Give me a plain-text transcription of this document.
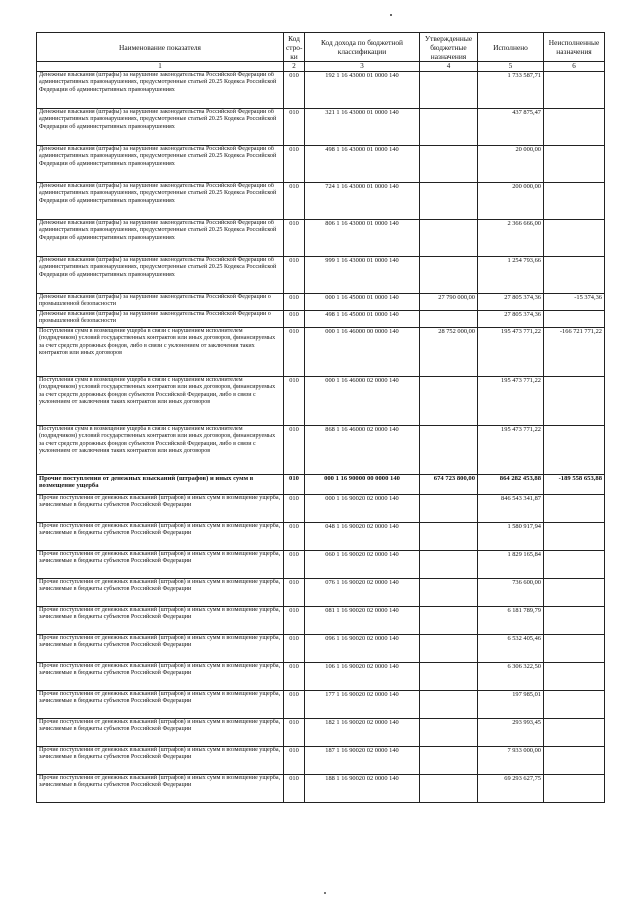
Наименование показателя	Код стро-ки	Код дохода по бюджетной классификации	Утвержденные бюджетные назначения	Исполнено	Неисполненные назначения
1	2	3	4	5	6
Денежные взыскания (штрафы) за нарушение законодательства Российской Федерации об административных правонарушениях, предусмотренные статьей 20.25 Кодекса Российской Федерации об административных правонарушениях	010	192 1 16 43000 01 0000 140		1 733 587,71	
Денежные взыскания (штрафы) за нарушение законодательства Российской Федерации об административных правонарушениях, предусмотренные статьей 20.25 Кодекса Российской Федерации об административных правонарушениях	010	321 1 16 43000 01 0000 140		437 875,47	
Денежные взыскания (штрафы) за нарушение законодательства Российской Федерации об административных правонарушениях, предусмотренные статьей 20.25 Кодекса Российской Федерации об административных правонарушениях	010	498 1 16 43000 01 0000 140		20 000,00	
Денежные взыскания (штрафы) за нарушение законодательства Российской Федерации об административных правонарушениях, предусмотренные статьей 20.25 Кодекса Российской Федерации об административных правонарушениях	010	724 1 16 43000 01 0000 140		200 000,00	
Денежные взыскания (штрафы) за нарушение законодательства Российской Федерации об административных правонарушениях, предусмотренные статьей 20.25 Кодекса Российской Федерации об административных правонарушениях	010	806 1 16 43000 01 0000 140		2 366 666,00	
Денежные взыскания (штрафы) за нарушение законодательства Российской Федерации об административных правонарушениях, предусмотренные статьей 20.25 Кодекса Российской Федерации об административных правонарушениях	010	999 1 16 43000 01 0000 140		1 254 793,66	
Денежные взыскания (штрафы) за нарушение законодательства Российской Федерации о промышленной безопасности	010	000 1 16 45000 01 0000 140	27 790 000,00	27 805 374,36	-15 374,36
Денежные взыскания (штрафы) за нарушение законодательства Российской Федерации о промышленной безопасности	010	498 1 16 45000 01 0000 140		27 805 374,36	
Поступления сумм в возмещение ущерба в связи с нарушением исполнителем (подрядчиком) условий государственных контрактов или иных договоров, финансируемых за счет средств дорожных фондов, либо в связи с уклонением от заключения таких контрактов или иных договоров	010	000 1 16 46000 00 0000 140	28 752 000,00	195 473 771,22	-166 721 771,22
Поступления сумм в возмещение ущерба в связи с нарушением исполнителем (подрядчиком) условий государственных контрактов или иных договоров, финансируемых за счет средств дорожных фондов субъектов Российской Федерации, либо в связи с уклонением от заключения таких контрактов или иных договоров	010	000 1 16 46000 02 0000 140		195 473 771,22	
Поступления сумм в возмещение ущерба в связи с нарушением исполнителем (подрядчиком) условий государственных контрактов или иных договоров, финансируемых за счет средств дорожных фондов субъектов Российской Федерации, либо в связи с уклонением от заключения таких контрактов или иных договоров	010	868 1 16 46000 02 0000 140		195 473 771,22	
Прочие поступления от денежных взысканий (штрафов) и иных сумм в возмещение ущерба	010	000 1 16 90000 00 0000 140	674 723 800,00	864 282 453,88	-189 558 653,88
Прочие поступления от денежных взысканий (штрафов) и иных сумм в возмещение ущерба, зачисляемые в бюджеты субъектов Российской Федерации	010	000 1 16 90020 02 0000 140		846 543 341,87	
Прочие поступления от денежных взысканий (штрафов) и иных сумм в возмещение ущерба, зачисляемые в бюджеты субъектов Российской Федерации	010	048 1 16 90020 02 0000 140		1 580 917,94	
Прочие поступления от денежных взысканий (штрафов) и иных сумм в возмещение ущерба, зачисляемые в бюджеты субъектов Российской Федерации	010	060 1 16 90020 02 0000 140		1 829 165,84	
Прочие поступления от денежных взысканий (штрафов) и иных сумм в возмещение ущерба, зачисляемые в бюджеты субъектов Российской Федерации	010	076 1 16 90020 02 0000 140		736 600,00	
Прочие поступления от денежных взысканий (штрафов) и иных сумм в возмещение ущерба, зачисляемые в бюджеты субъектов Российской Федерации	010	081 1 16 90020 02 0000 140		6 181 789,79	
Прочие поступления от денежных взысканий (штрафов) и иных сумм в возмещение ущерба, зачисляемые в бюджеты субъектов Российской Федерации	010	096 1 16 90020 02 0000 140		6 532 405,46	
Прочие поступления от денежных взысканий (штрафов) и иных сумм в возмещение ущерба, зачисляемые в бюджеты субъектов Российской Федерации	010	106 1 16 90020 02 0000 140		6 306 322,50	
Прочие поступления от денежных взысканий (штрафов) и иных сумм в возмещение ущерба, зачисляемые в бюджеты субъектов Российской Федерации	010	177 1 16 90020 02 0000 140		197 985,01	
Прочие поступления от денежных взысканий (штрафов) и иных сумм в возмещение ущерба, зачисляемые в бюджеты субъектов Российской Федерации	010	182 1 16 90020 02 0000 140		293 993,45	
Прочие поступления от денежных взысканий (штрафов) и иных сумм в возмещение ущерба, зачисляемые в бюджеты субъектов Российской Федерации	010	187 1 16 90020 02 0000 140		7 933 000,00	
Прочие поступления от денежных взысканий (штрафов) и иных сумм в возмещение ущерба, зачисляемые в бюджеты субъектов Российской Федерации	010	188 1 16 90020 02 0000 140		69 293 627,75	
